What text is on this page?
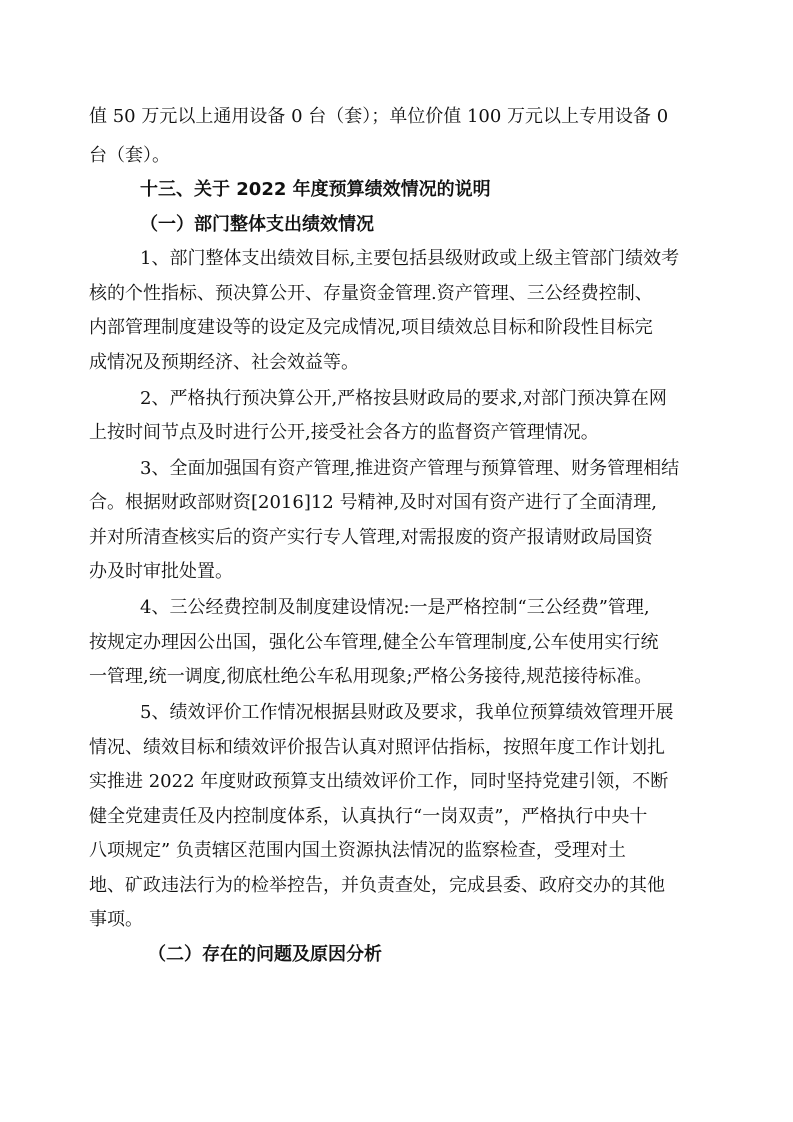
值 50 万元以上通用设备 0 台（套）；单位价值 100 万元以上专用设备 0

台（套）。

十三、关于 2022 年度预算绩效情况的说明

（一）部门整体支出绩效情况

1、部门整体支出绩效目标,主要包括县级财政或上级主管部门绩效考

核的个性指标、预决算公开、存量资金管理.资产管理、三公经费控制、

内部管理制度建设等的设定及完成情况,项目绩效总目标和阶段性目标完

成情况及预期经济、社会效益等。

2、严格执行预决算公开,严格按县财政局的要求,对部门预决算在网

上按时间节点及时进行公开,接受社会各方的监督资产管理情况。

3、全面加强国有资产管理,推进资产管理与预算管理、财务管理相结

合。根据财政部财资[2016]12 号精神,及时对国有资产进行了全面清理,

并对所清查核实后的资产实行专人管理,对需报废的资产报请财政局国资

办及时审批处置。

4、三公经费控制及制度建设情况:一是严格控制“三公经费”管理,

按规定办理因公出国，强化公车管理,健全公车管理制度,公车使用实行统

一管理,统一调度,彻底杜绝公车私用现象;严格公务接待,规范接待标准。

5、绩效评价工作情况根据县财政及要求，我单位预算绩效管理开展

情况、绩效目标和绩效评价报告认真对照评估指标，按照年度工作计划扎

实推进 2022 年度财政预算支出绩效评价工作，同时坚持党建引领，不断

健全党建责任及内控制度体系，认真执行“一岗双责”，严格执行中央十

八项规定” 负责辖区范围内国土资源执法情况的监察检查，受理对土

地、矿政违法行为的检举控告，并负责查处，完成县委、政府交办的其他

事项。

（二）存在的问题及原因分析
